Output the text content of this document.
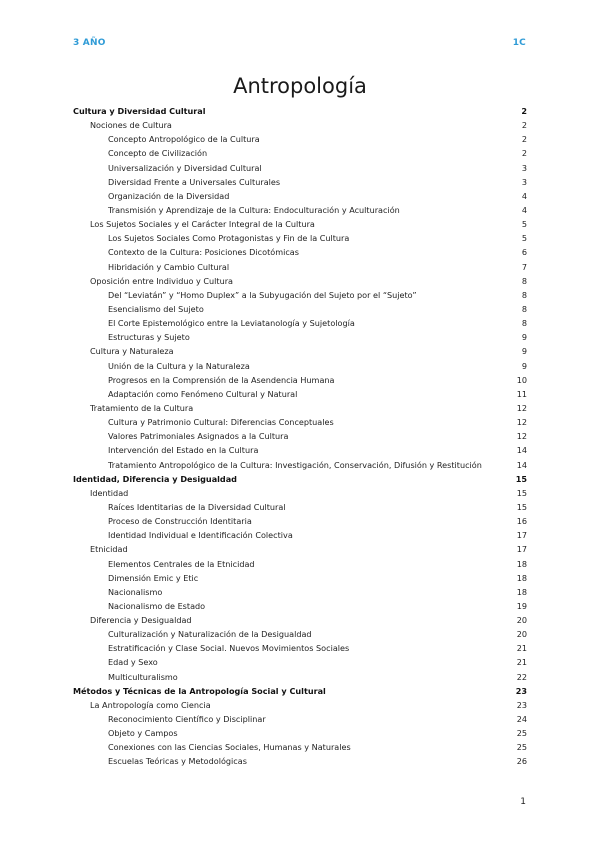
3 AÑO	1C
Antropología
Cultura y Diversidad Cultural	2
Nociones de Cultura	2
Concepto Antropológico de la Cultura	2
Concepto de Civilización	2
Universalización y Diversidad Cultural	3
Diversidad Frente a Universales Culturales	3
Organización de la Diversidad	4
Transmisión y Aprendizaje de la Cultura: Endoculturación y Aculturación	4
Los Sujetos Sociales y el Carácter Integral de la Cultura	5
Los Sujetos Sociales Como Protagonistas y Fin de la Cultura	5
Contexto de la Cultura: Posiciones Dicotómicas	6
Hibridación y Cambio Cultural	7
Oposición entre Individuo y Cultura	8
Del “Leviatán” y “Homo Duplex” a la Subyugación del Sujeto por el “Sujeto”	8
Esencialismo del Sujeto	8
El Corte Epistemológico entre la Leviatanología y Sujetología	8
Estructuras y Sujeto	9
Cultura y Naturaleza	9
Unión de la Cultura y la Naturaleza	9
Progresos en la Comprensión de la Asendencia Humana	10
Adaptación como Fenómeno Cultural y Natural	11
Tratamiento de la Cultura	12
Cultura y Patrimonio Cultural: Diferencias Conceptuales	12
Valores Patrimoniales Asignados a la Cultura	12
Intervención del Estado en la Cultura	14
Tratamiento Antropológico de la Cultura: Investigación, Conservación, Difusión y Restitución	14
Identidad, Diferencia y Desigualdad	15
Identidad	15
Raíces Identitarias de la Diversidad Cultural	15
Proceso de Construcción Identitaria	16
Identidad Individual e Identificación Colectiva	17
Etnicidad	17
Elementos Centrales de la Etnicidad	18
Dimensión Emic y Etic	18
Nacionalismo	18
Nacionalismo de Estado	19
Diferencia y Desigualdad	20
Culturalización y Naturalización de la Desigualdad	20
Estratificación y Clase Social. Nuevos Movimientos Sociales	21
Edad y Sexo	21
Multiculturalismo	22
Métodos y Técnicas de la Antropología Social y Cultural	23
La Antropología como Ciencia	23
Reconocimiento Científico y Disciplinar	24
Objeto y Campos	25
Conexiones con las Ciencias Sociales, Humanas y Naturales	25
Escuelas Teóricas y Metodológicas	26
1
